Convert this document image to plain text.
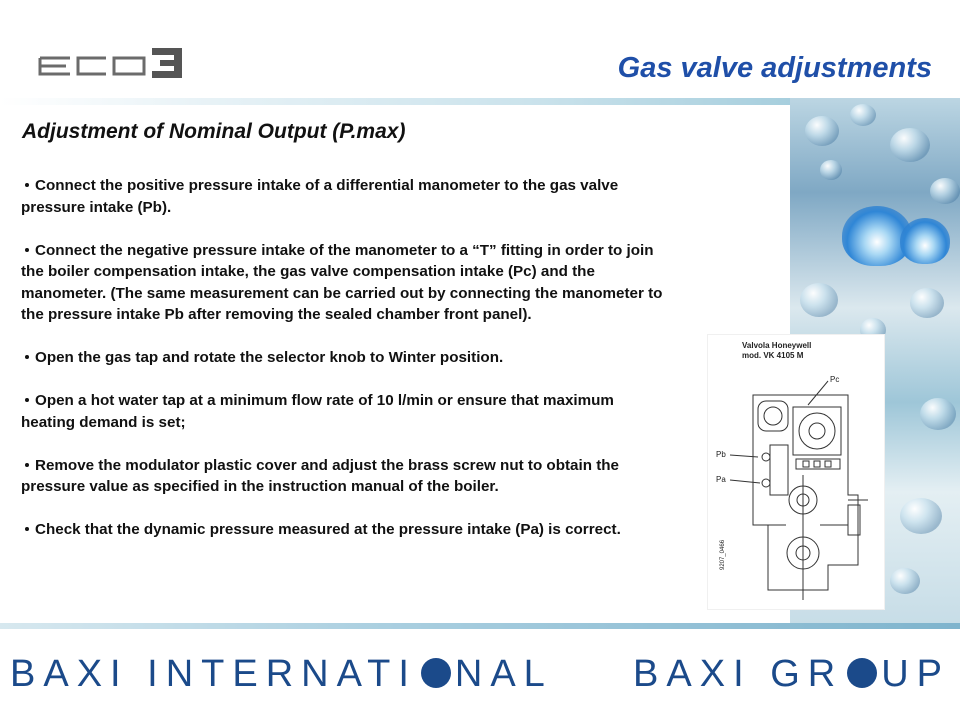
Gas valve adjustments
Adjustment of Nominal Output (P.max)
Connect the positive pressure intake of a differential manometer to the gas valve pressure intake (Pb).
Connect the negative pressure intake of the manometer to a “T” fitting in order to join the boiler compensation intake, the gas valve compensation intake (Pc) and the manometer. (The same measurement can be carried out by connecting the manometer to the pressure intake Pb after removing the sealed chamber front panel).
Open the gas tap and rotate the selector knob to Winter position.
Open a hot water tap at a minimum flow rate of 10 l/min or ensure that maximum heating demand is set;
Remove the modulator plastic cover and adjust the brass screw nut to obtain the pressure value as specified in the instruction manual of the boiler.
Check that the dynamic pressure measured at the pressure intake (Pa) is correct.
Valvola Honeywell
mod. VK 4105 M
Pc
Pb
Pa
9207_0466
BAXI INTERNATI NAL BAXI GR UP
